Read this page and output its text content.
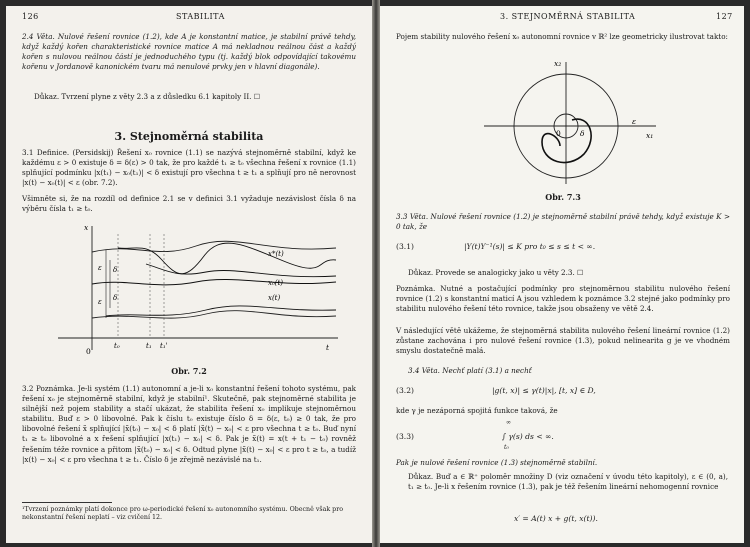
126	STABILITA
2.4 Věta. Nulové řešení rovnice (1.2), kde A je konstantní matice, je stabilní právě tehdy, když každý kořen charakteristické rovnice matice A má nekladnou reálnou část a každý kořen s nulovou reálnou částí je jednoduchého typu (tj. každý blok odpovídající takovému kořenu v Jordanově kanonickém tvaru má nenulové prvky jen v hlavní diagonále).
Důkaz. Tvrzení plyne z věty 2.3 a z důsledku 6.1 kapitoly II. ☐
3. Stejnoměrná stabilita
3.1 Definice. (Persidskij) Řešení x₀ rovnice (1.1) se nazývá stejnoměrně stabilní, když ke každému ε > 0 existuje δ = δ(ε) > 0 tak, že pro každé t₁ ≥ t₀ všechna řešení x rovnice (1.1) splňující podmínku |x(t₁) − x₀(t₁)| < δ existují pro všechna t ≥ t₁ a splňují pro ně nerovnost |x(t) − x₀(t)| < ε (obr. 7.2).
Všimněte si, že na rozdíl od definice 2.1 se v definici 3.1 vyžaduje nezávislost čísla δ na výběru čísla t₁ ≥ t₀.
0	t
x
t₀	t₁ t₁'
x*(t)
x₀(t)
x(t)
ε δ
ε δ
Obr. 7.2
3.2 Poznámka. Je-li systém (1.1) autonomní a je-li x₀ konstantní řešení tohoto systému, pak řešení x₀ je stejnoměrně stabilní, když je stabilní¹. Skutečně, pak stejnoměrné stabilita je silnější než pojem stability a stačí ukázat, že stabilita řešení x₀ implikuje stejnoměrnou stabilitu. Buď ε > 0 libovolné. Pak k číslu t₀ existuje číslo δ = δ(ε, t₀) ≥ 0 tak, že pro libovolné řešení x̃ splňující |x̃(t₀) − x₀| < δ platí |x̃(t) − x₀| < ε pro všechna t ≥ t₀. Buď nyní t₁ ≥ t₀ libovolné a x řešení splňující |x(t₁) − x₀| < δ. Pak je x̃(t) = x(t + t₁ − t₀) rovněž řešením téže rovnice a přitom |x̃(t₀) − x₀| < δ. Odtud plyne |x̃(t) − x₀| < ε pro t ≥ t₀, a tudíž |x(t) − x₀| < ε pro všechna t ≥ t₁. Číslo δ je zřejmě nezávislé na t₁.
¹Tvrzení poznámky platí dokonce pro ω-periodické řešení x₀ autonomního systému. Obecně však pro nekonstantní řešení neplatí – viz cvičení 12.
3. STEJNOMĚRNÁ STABILITA	127
Pojem stability nulového řešení x₀ autonomní rovnice v ℝ² lze geometricky ilustrovat takto:
x₁
x₂
0
ε
δ
Obr. 7.3
3.3 Věta. Nulové řešení rovnice (1.2) je stejnoměrně stabilní právě tehdy, když existuje K > 0 tak, že
(3.1)	|Y(t)Y⁻¹(s)| ≤ K pro t₀ ≤ s ≤ t < ∞.
Důkaz. Provede se analogicky jako u věty 2.3. ☐
Poznámka. Nutné a postačující podmínky pro stejnoměrnou stabilitu nulového řešení rovnice (1.2) s konstantní maticí A jsou vzhledem k poznámce 3.2 stejné jako podmínky pro stabilitu nulového řešení této rovnice, takže jsou obsaženy ve větě 2.4.
V následující větě ukážeme, že stejnoměrná stabilita nulového řešení lineární rovnice (1.2) zůstane zachována i pro nulové řešení rovnice (1.3), pokud nelinearita g je ve vhodném smyslu dostatečně malá.
3.4 Věta. Nechť platí (3.1) a nechť
(3.2)	|g(t, x)| ≤ γ(t)|x|, [t, x] ∈ D,
kde γ je nezáporná spojitá funkce taková, že
(3.3)
∞
∫ γ(s) ds < ∞.
t₀
Pak je nulové řešení rovnice (1.3) stejnoměrně stabilní.
Důkaz. Buď a ∈ ℝ⁺ poloměr množiny D (viz označení v úvodu této kapitoly), ε ∈ (0, a), t₁ ≥ t₀. Je-li x řešením rovnice (1.3), pak je též řešením lineární nehomogenní rovnice
x′ = A(t) x + g(t, x(t)).
